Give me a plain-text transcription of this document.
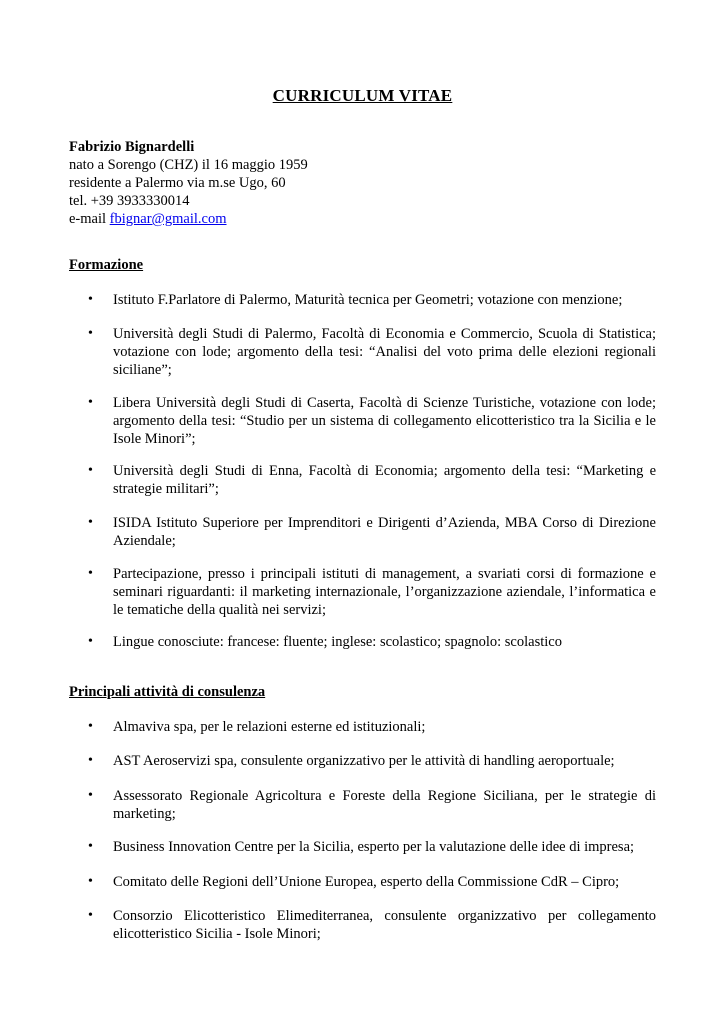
CURRICULUM VITAE
Fabrizio Bignardelli
nato a Sorengo (CHZ) il 16 maggio 1959
residente a Palermo via m.se Ugo, 60
tel. +39 3933330014
e-mail fbignar@gmail.com
Formazione
• Istituto F.Parlatore di Palermo, Maturità tecnica per Geometri; votazione con menzione;
• Università degli Studi di Palermo, Facoltà di Economia e Commercio, Scuola di Statistica; votazione con lode; argomento della tesi: “Analisi del voto prima delle elezioni regionali siciliane”;
• Libera Università degli Studi di Caserta, Facoltà di Scienze Turistiche, votazione con lode; argomento della tesi: “Studio per un sistema di collegamento elicotteristico tra la Sicilia e le Isole Minori”;
• Università degli Studi di Enna, Facoltà di Economia; argomento della tesi: “Marketing e strategie militari”;
• ISIDA Istituto Superiore per Imprenditori e Dirigenti d’Azienda, MBA Corso di Direzione Aziendale;
• Partecipazione, presso i principali istituti di management, a svariati corsi di formazione e seminari riguardanti: il marketing internazionale, l’organizzazione aziendale, l’informatica e le tematiche della qualità nei servizi;
• Lingue conosciute: francese: fluente; inglese: scolastico; spagnolo: scolastico
Principali attività di consulenza
• Almaviva spa, per le relazioni esterne ed istituzionali;
• AST Aeroservizi spa, consulente organizzativo per le attività di handling aeroportuale;
• Assessorato Regionale Agricoltura e Foreste della Regione Siciliana, per le strategie di marketing;
• Business Innovation Centre per la Sicilia, esperto per la valutazione delle idee di impresa;
• Comitato delle Regioni dell’Unione Europea, esperto della Commissione CdR – Cipro;
• Consorzio Elicotteristico Elimediterranea, consulente organizzativo per collegamento elicotteristico Sicilia - Isole Minori;
